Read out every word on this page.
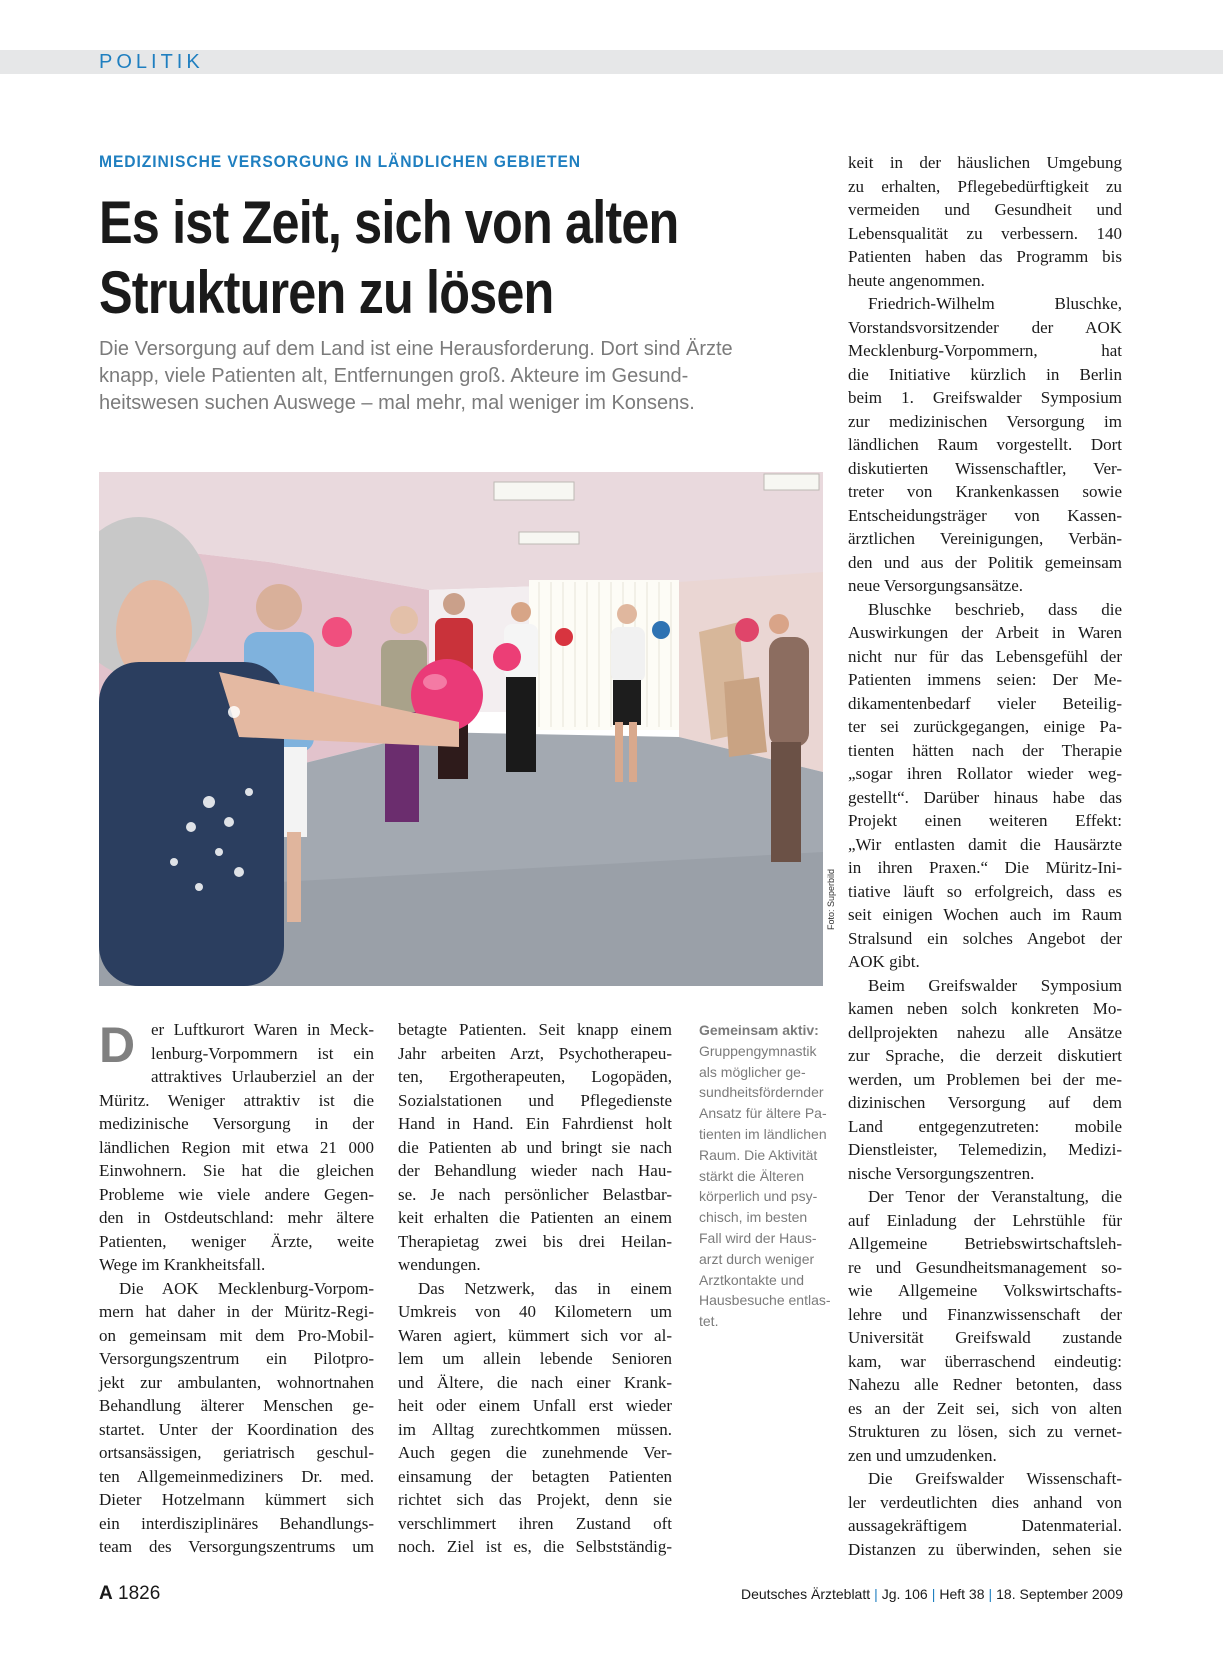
POLITIK
MEDIZINISCHE VERSORGUNG IN LÄNDLICHEN GEBIETEN
Es ist Zeit, sich von alten
Strukturen zu lösen
Die Versorgung auf dem Land ist eine Herausforderung. Dort sind Ärzte
knapp, viele Patienten alt, Entfernungen groß. Akteure im Gesund-
heitswesen suchen Auswege – mal mehr, mal weniger im Konsens.
Foto: Superbild
D er Luftkurort Waren in Meck-
lenburg-Vorpommern ist ein
attraktives Urlauberziel an der
Müritz. Weniger attraktiv ist die
medizinische Versorgung in der
ländlichen Region mit etwa 21 000
Einwohnern. Sie hat die gleichen
Probleme wie viele andere Gegen-
den in Ostdeutschland: mehr ältere
Patienten, weniger Ärzte, weite
Wege im Krankheitsfall.
Die AOK Mecklenburg-Vorpom-
mern hat daher in der Müritz-Regi-
on gemeinsam mit dem Pro-Mobil-
Versorgungszentrum ein Pilotpro-
jekt zur ambulanten, wohnortnahen
Behandlung älterer Menschen ge-
startet. Unter der Koordination des
ortsansässigen, geriatrisch geschul-
ten Allgemeinmediziners Dr. med.
Dieter Hotzelmann kümmert sich
ein interdisziplinäres Behandlungs-
team des Versorgungszentrums um
betagte Patienten. Seit knapp einem
Jahr arbeiten Arzt, Psychotherapeu-
ten, Ergotherapeuten, Logopäden,
Sozialstationen und Pflegedienste
Hand in Hand. Ein Fahrdienst holt
die Patienten ab und bringt sie nach
der Behandlung wieder nach Hau-
se. Je nach persönlicher Belastbar-
keit erhalten die Patienten an einem
Therapietag zwei bis drei Heilan-
wendungen.
Das Netzwerk, das in einem
Umkreis von 40 Kilometern um
Waren agiert, kümmert sich vor al-
lem um allein lebende Senioren
und Ältere, die nach einer Krank-
heit oder einem Unfall erst wieder
im Alltag zurechtkommen müssen.
Auch gegen die zunehmende Ver-
einsamung der betagten Patienten
richtet sich das Projekt, denn sie
verschlimmert ihren Zustand oft
noch. Ziel ist es, die Selbstständig-
Gemeinsam aktiv:
Gruppengymnastik
als möglicher ge-
sundheitsfördernder
Ansatz für ältere Pa-
tienten im ländlichen
Raum. Die Aktivität
stärkt die Älteren
körperlich und psy-
chisch, im besten
Fall wird der Haus-
arzt durch weniger
Arztkontakte und
Hausbesuche entlas-
tet.
keit in der häuslichen Umgebung
zu erhalten, Pflegebedürftigkeit zu
vermeiden und Gesundheit und
Lebensqualität zu verbessern. 140
Patienten haben das Programm bis
heute angenommen.
Friedrich-Wilhelm Bluschke,
Vorstandsvorsitzender der AOK
Mecklenburg-Vorpommern, hat
die Initiative kürzlich in Berlin
beim 1. Greifswalder Symposium
zur medizinischen Versorgung im
ländlichen Raum vorgestellt. Dort
diskutierten Wissenschaftler, Ver-
treter von Krankenkassen sowie
Entscheidungsträger von Kassen-
ärztlichen Vereinigungen, Verbän-
den und aus der Politik gemeinsam
neue Versorgungsansätze.
Bluschke beschrieb, dass die
Auswirkungen der Arbeit in Waren
nicht nur für das Lebensgefühl der
Patienten immens seien: Der Me-
dikamentenbedarf vieler Beteilig-
ter sei zurückgegangen, einige Pa-
tienten hätten nach der Therapie
„sogar ihren Rollator wieder weg-
gestellt“. Darüber hinaus habe das
Projekt einen weiteren Effekt:
„Wir entlasten damit die Hausärzte
in ihren Praxen.“ Die Müritz-Ini-
tiative läuft so erfolgreich, dass es
seit einigen Wochen auch im Raum
Stralsund ein solches Angebot der
AOK gibt.
Beim Greifswalder Symposium
kamen neben solch konkreten Mo-
dellprojekten nahezu alle Ansätze
zur Sprache, die derzeit diskutiert
werden, um Problemen bei der me-
dizinischen Versorgung auf dem
Land entgegenzutreten: mobile
Dienstleister, Telemedizin, Medizi-
nische Versorgungszentren.
Der Tenor der Veranstaltung, die
auf Einladung der Lehrstühle für
Allgemeine Betriebswirtschaftsleh-
re und Gesundheitsmanagement so-
wie Allgemeine Volkswirtschafts-
lehre und Finanzwissenschaft der
Universität Greifswald zustande
kam, war überraschend eindeutig:
Nahezu alle Redner betonten, dass
es an der Zeit sei, sich von alten
Strukturen zu lösen, sich zu vernet-
zen und umzudenken.
Die Greifswalder Wissenschaft-
ler verdeutlichten dies anhand von
aussagekräftigem Datenmaterial.
Distanzen zu überwinden, sehen sie
A 1826	Deutsches Ärzteblatt | Jg. 106 | Heft 38 | 18. September 2009
